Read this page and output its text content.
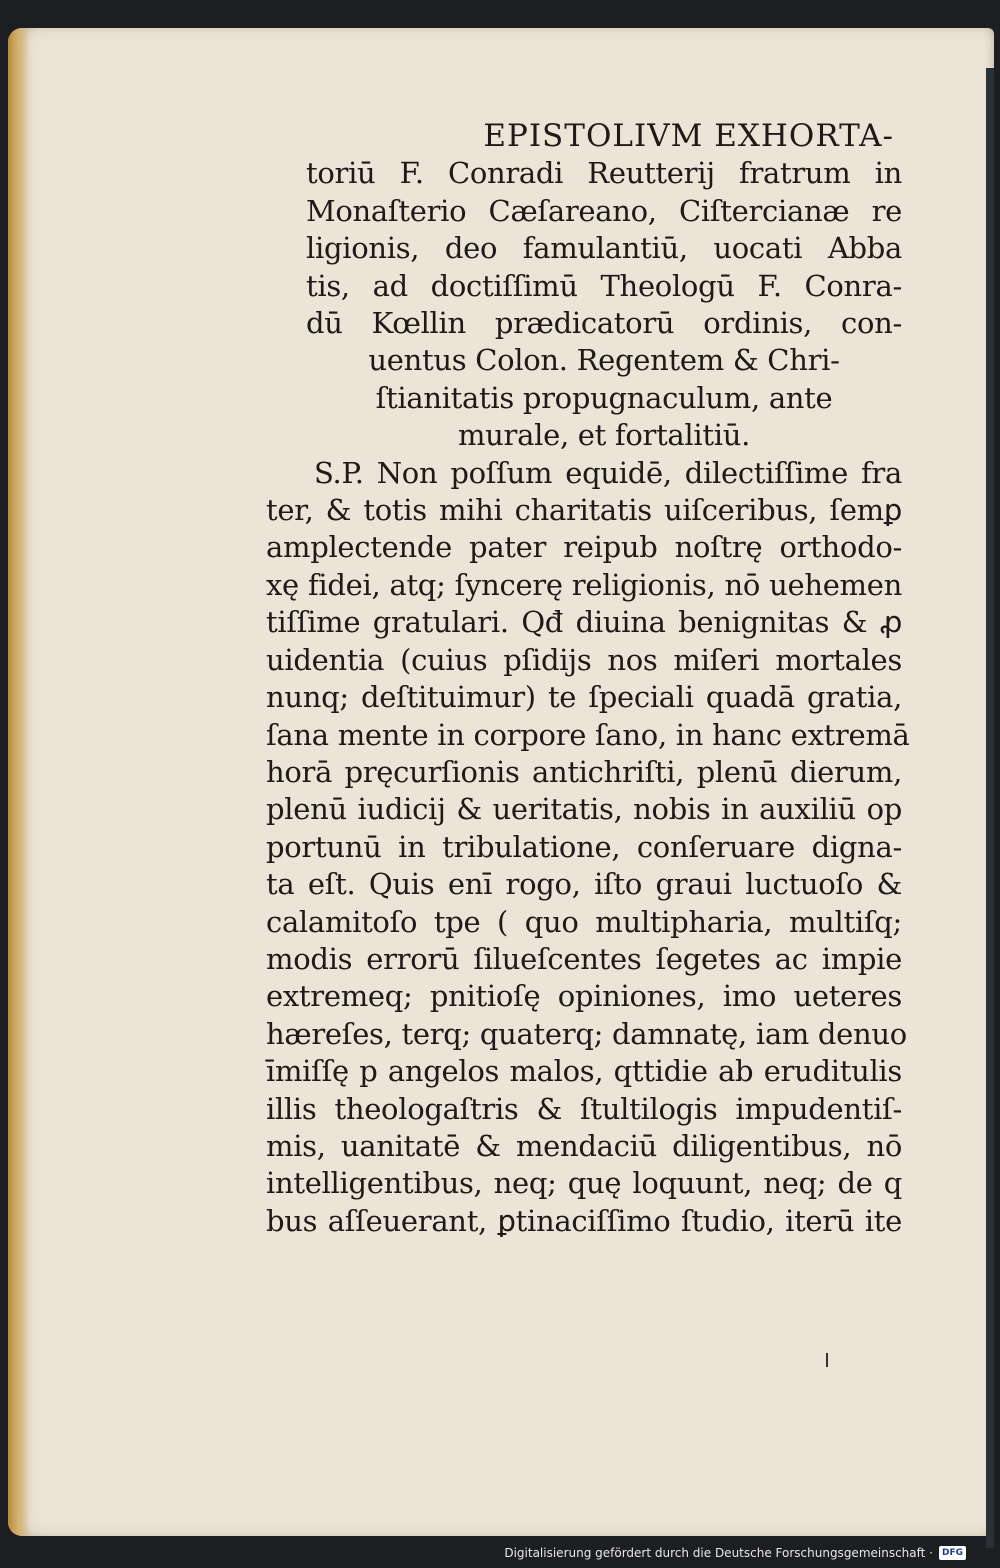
EPISTOLIVM EXHORTA-
toriū F. Conradi Reutterij fratrum in
Monaſterio Cæſareano, Ciſtercianæ re
ligionis, deo famulantiū, uocati Abba
tis, ad doctiſſimū Theologū F. Conra-
dū Kœllin prædicatorū ordinis, con-
uentus Colon. Regentem & Chri-
ſtianitatis propugnaculum, ante
murale, et fortalitiū.
S.P. Non poſſum equidē, dilectiſſime fra
ter, & totis mihi charitatis uiſceribus, ſemꝑ
amplectende pater reipub noſtrę orthodo-
xę fidei, atq; ſyncerę religionis, nō uehemen
tiſſime gratulari. Qđ diuina benignitas & ꝓ
uidentia (cuius pſidijs nos miſeri mortales
nunq; deſtituimur) te ſpeciali quadā gratia,
ſana mente in corpore ſano, in hanc extremā
horā pręcurſionis antichriſti, plenū dierum,
plenū iudicij & ueritatis, nobis in auxiliū op
portunū in tribulatione, conſeruare digna-
ta eſt. Quis enī rogo, iſto graui luctuoſo &
calamitoſo tpe ( quo multipharia, multiſq;
modis errorū ſilueſcentes ſegetes ac impie
extremeq; pnitioſę opiniones, imo ueteres
hæreſes, terq; quaterq; damnatę, iam denuo
īmiſſę p angelos malos, qttidie ab eruditulis
illis theologaſtris & ſtultilogis impudentiſ-
mis, uanitatē & mendaciū diligentibus, nō
intelligentibus, neq; quę loquunt, neq; de q
bus aſſeuerant, ꝑtinaciſſimo ſtudio, iterū ite
Digitalisierung gefördert durch die Deutsche Forschungsgemeinschaft ·	DFG
